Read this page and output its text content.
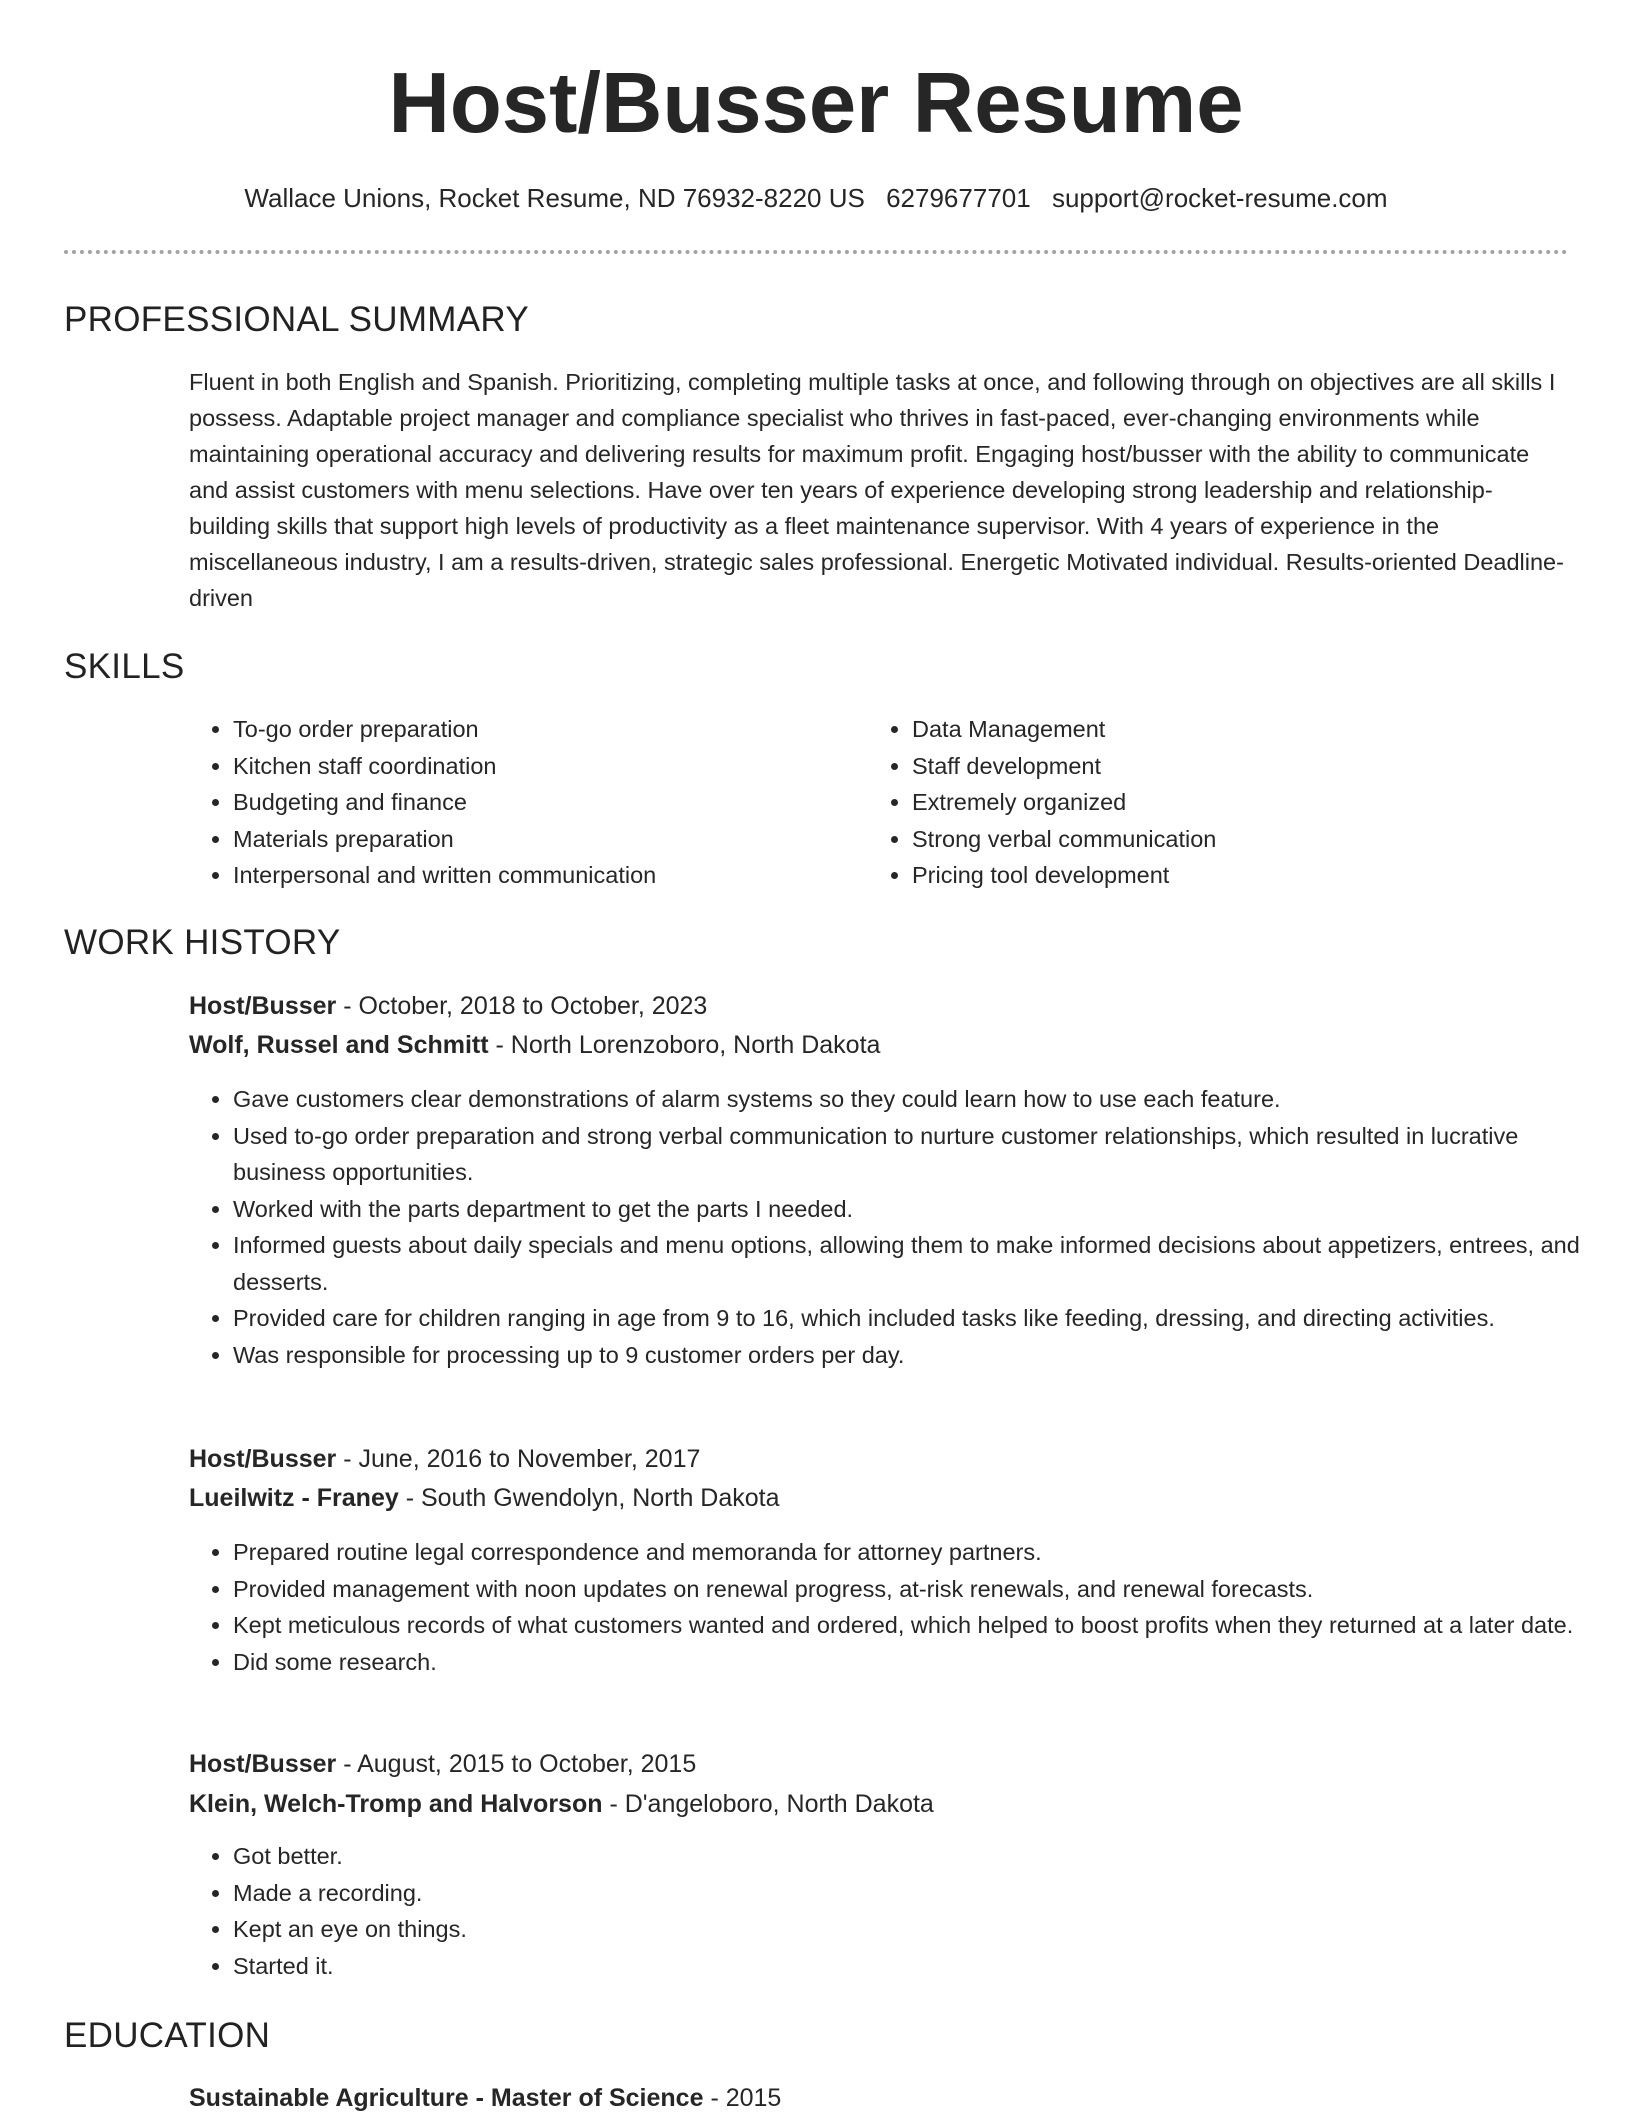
Host/Busser Resume
Wallace Unions, Rocket Resume, ND 76932-8220 US 6279677701 support@rocket-resume.com
PROFESSIONAL SUMMARY

Fluent in both English and Spanish. Prioritizing, completing multiple tasks at once, and following through on objectives are all skills I possess. Adaptable project manager and compliance specialist who thrives in fast-paced, ever-changing environments while maintaining operational accuracy and delivering results for maximum profit. Engaging host/busser with the ability to communicate and assist customers with menu selections. Have over ten years of experience developing strong leadership and relationship-building skills that support high levels of productivity as a fleet maintenance supervisor. With 4 years of experience in the miscellaneous industry, I am a results-driven, strategic sales professional. Energetic Motivated individual. Results-oriented Deadline-driven

SKILLS
• To-go order preparation
• Kitchen staff coordination
• Budgeting and finance
• Materials preparation
• Interpersonal and written communication
• Data Management
• Staff development
• Extremely organized
• Strong verbal communication
• Pricing tool development
WORK HISTORY
Host/Busser - October, 2018 to October, 2023
Wolf, Russel and Schmitt - North Lorenzoboro, North Dakota
• Gave customers clear demonstrations of alarm systems so they could learn how to use each feature.
• Used to-go order preparation and strong verbal communication to nurture customer relationships, which resulted in lucrative business opportunities.
• Worked with the parts department to get the parts I needed.
• Informed guests about daily specials and menu options, allowing them to make informed decisions about appetizers, entrees, and desserts.
• Provided care for children ranging in age from 9 to 16, which included tasks like feeding, dressing, and directing activities.
• Was responsible for processing up to 9 customer orders per day.
Host/Busser - June, 2016 to November, 2017
Lueilwitz - Franey - South Gwendolyn, North Dakota
• Prepared routine legal correspondence and memoranda for attorney partners.
• Provided management with noon updates on renewal progress, at-risk renewals, and renewal forecasts.
• Kept meticulous records of what customers wanted and ordered, which helped to boost profits when they returned at a later date.
• Did some research.
Host/Busser - August, 2015 to October, 2015
Klein, Welch-Tromp and Halvorson - D'angeloboro, North Dakota
• Got better.
• Made a recording.
• Kept an eye on things.
• Started it.
EDUCATION
Sustainable Agriculture - Master of Science - 2015
